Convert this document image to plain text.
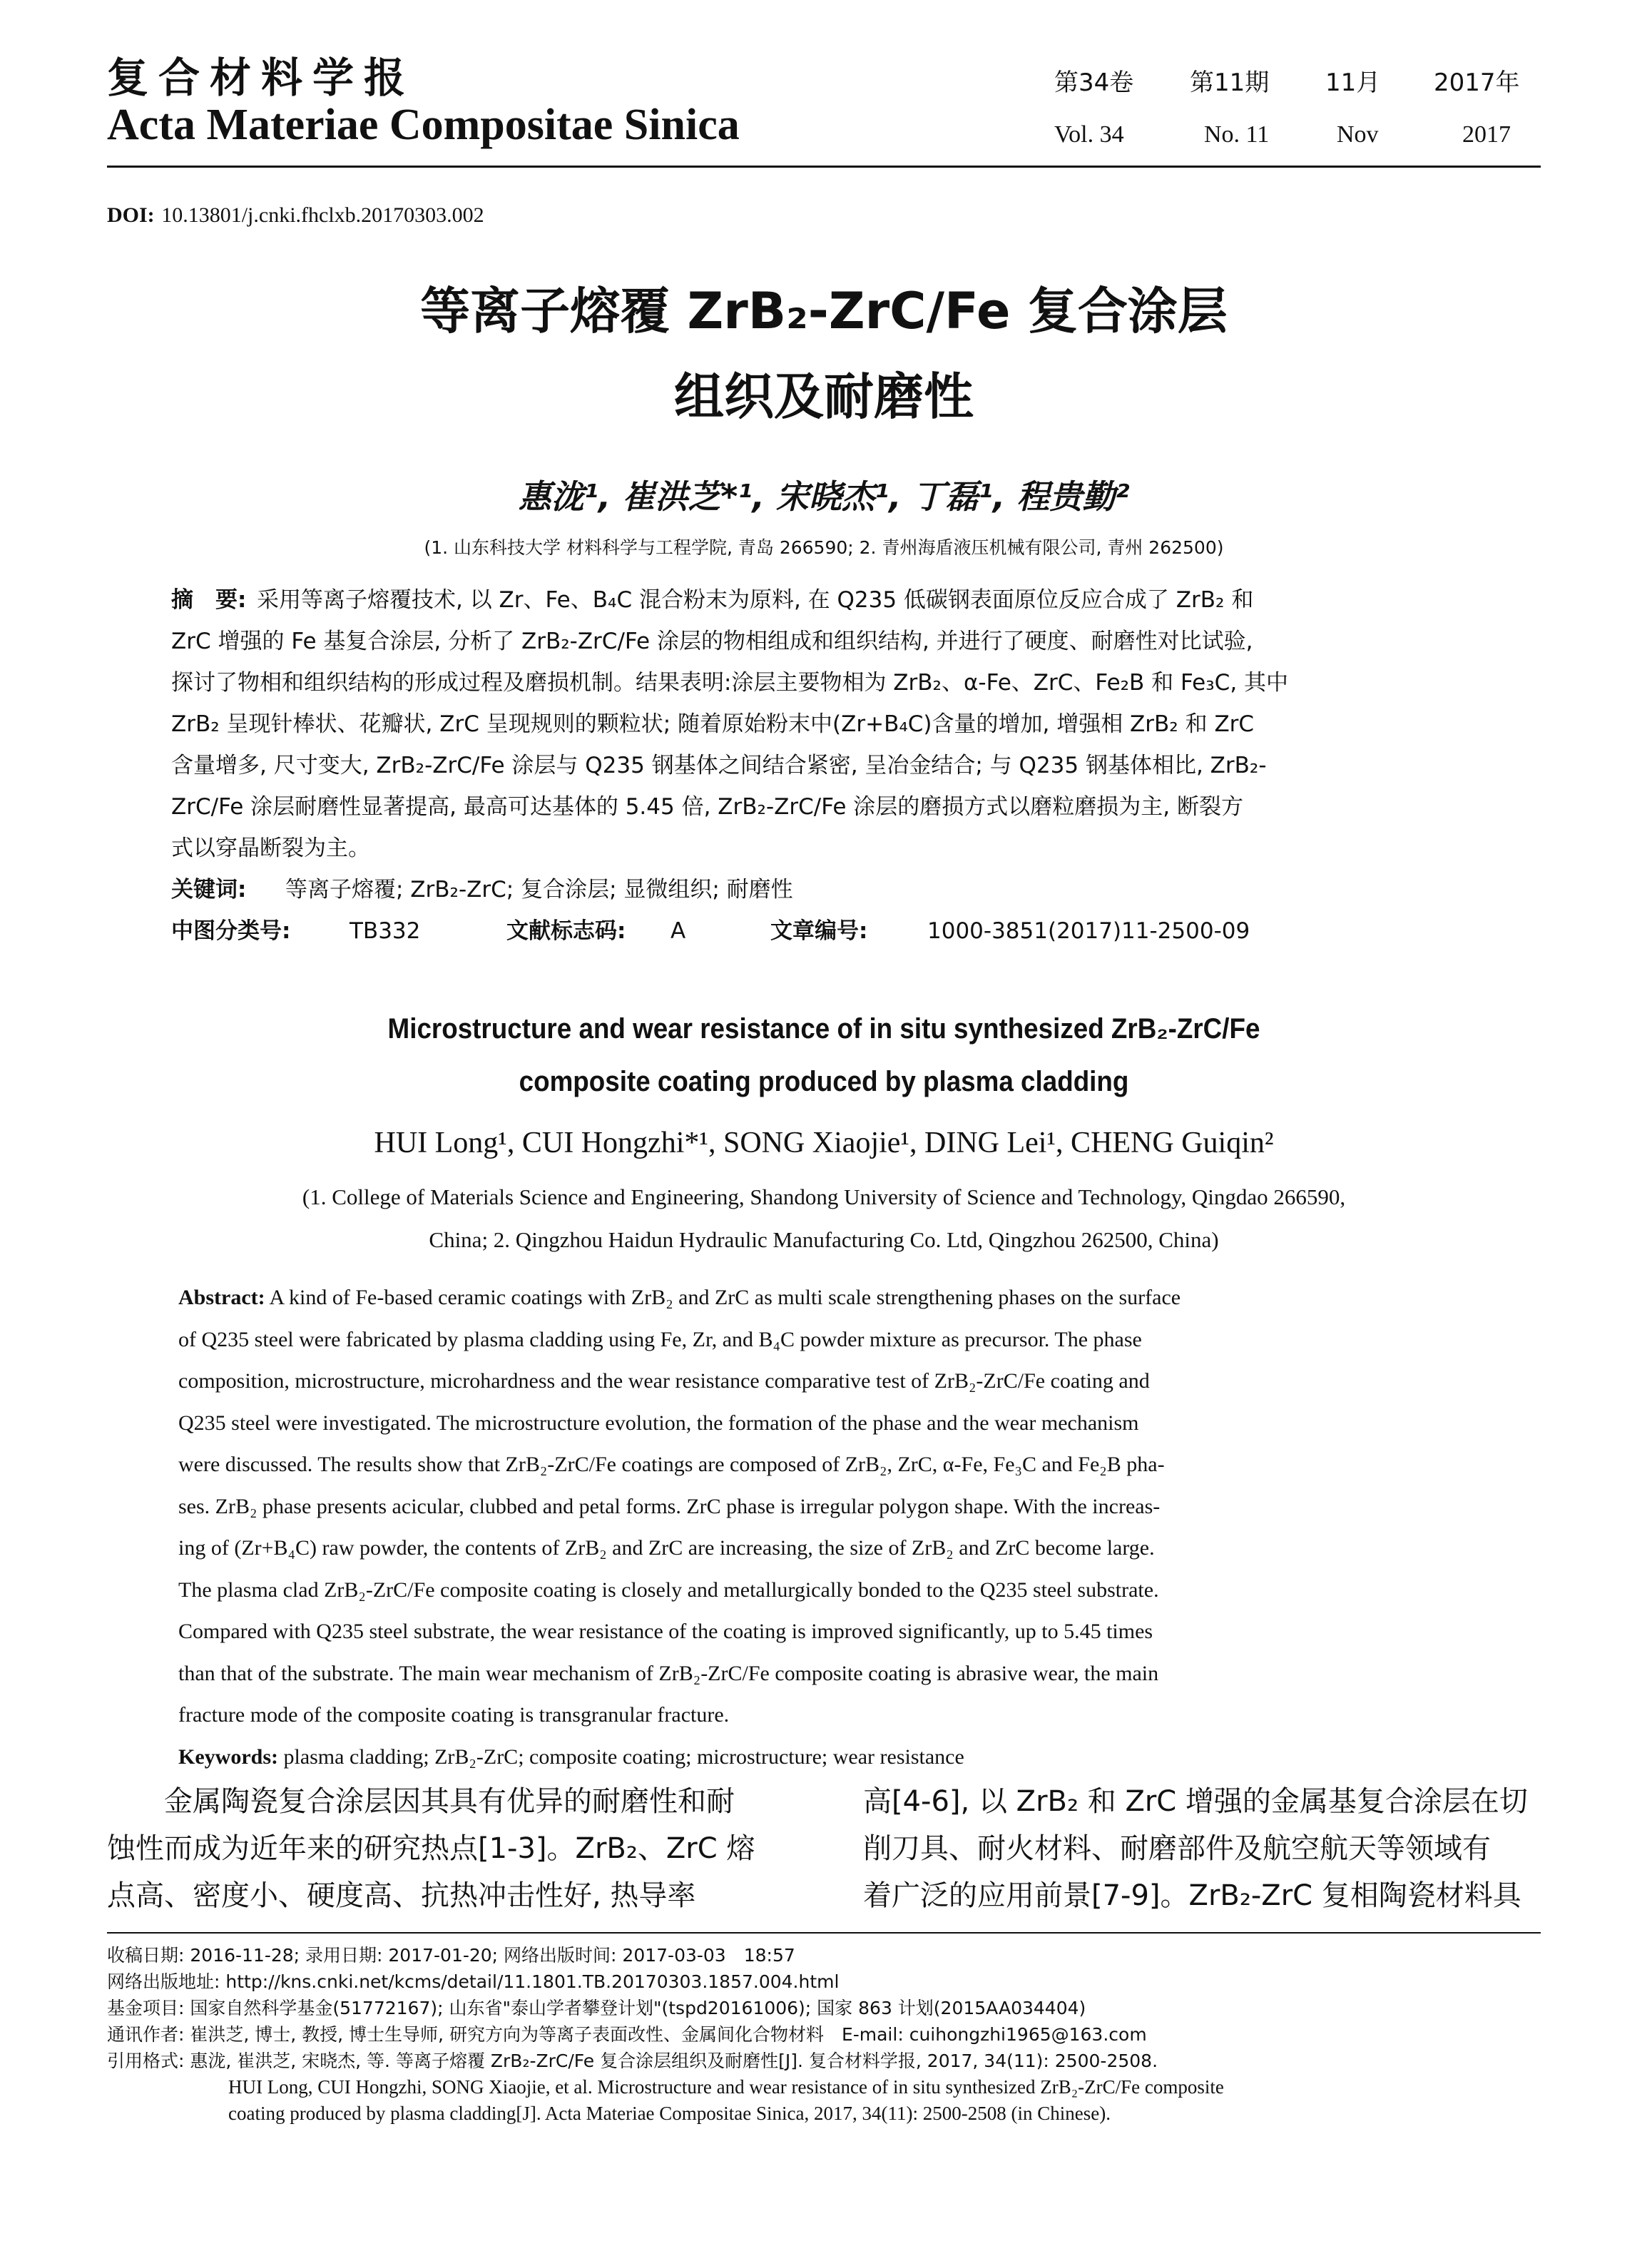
复合材料学报
Acta Materiae Compositae Sinica
第34卷 第11期 11月 2017年
Vol. 34	No. 11	Nov	2017
DOI: 10.13801/j.cnki.fhclxb.20170303.002
等离子熔覆 ZrB₂-ZrC/Fe 复合涂层
组织及耐磨性
惠泷¹, 崔洪芝*¹, 宋晓杰¹, 丁磊¹, 程贵勤²
(1. 山东科技大学 材料科学与工程学院, 青岛 266590; 2. 青州海盾液压机械有限公司, 青州 262500)
摘　要: 采用等离子熔覆技术, 以 Zr、Fe、B₄C 混合粉末为原料, 在 Q235 低碳钢表面原位反应合成了 ZrB₂ 和
ZrC 增强的 Fe 基复合涂层, 分析了 ZrB₂-ZrC/Fe 涂层的物相组成和组织结构, 并进行了硬度、耐磨性对比试验,
探讨了物相和组织结构的形成过程及磨损机制。结果表明:涂层主要物相为 ZrB₂、α-Fe、ZrC、Fe₂B 和 Fe₃C, 其中
ZrB₂ 呈现针棒状、花瓣状, ZrC 呈现规则的颗粒状; 随着原始粉末中(Zr+B₄C)含量的增加, 增强相 ZrB₂ 和 ZrC
含量增多, 尺寸变大, ZrB₂-ZrC/Fe 涂层与 Q235 钢基体之间结合紧密, 呈冶金结合; 与 Q235 钢基体相比, ZrB₂-
ZrC/Fe 涂层耐磨性显著提高, 最高可达基体的 5.45 倍, ZrB₂-ZrC/Fe 涂层的磨损方式以磨粒磨损为主, 断裂方
式以穿晶断裂为主。
关键词:	等离子熔覆; ZrB₂-ZrC; 复合涂层; 显微组织; 耐磨性
中图分类号:	TB332	文献标志码: A	文章编号:	1000-3851(2017)11-2500-09
Microstructure and wear resistance of in situ synthesized ZrB₂-ZrC/Fe
composite coating produced by plasma cladding
HUI Long¹, CUI Hongzhi*¹, SONG Xiaojie¹, DING Lei¹, CHENG Guiqin²
(1. College of Materials Science and Engineering, Shandong University of Science and Technology, Qingdao 266590,
China; 2. Qingzhou Haidun Hydraulic Manufacturing Co. Ltd, Qingzhou 262500, China)
Abstract: A kind of Fe-based ceramic coatings with ZrB₂ and ZrC as multi scale strengthening phases on the surface
of Q235 steel were fabricated by plasma cladding using Fe, Zr, and B₄C powder mixture as precursor. The phase
composition, microstructure, microhardness and the wear resistance comparative test of ZrB₂-ZrC/Fe coating and
Q235 steel were investigated. The microstructure evolution, the formation of the phase and the wear mechanism
were discussed. The results show that ZrB₂-ZrC/Fe coatings are composed of ZrB₂, ZrC, α-Fe, Fe₃C and Fe₂B pha-
ses. ZrB₂ phase presents acicular, clubbed and petal forms. ZrC phase is irregular polygon shape. With the increas-
ing of (Zr+B₄C) raw powder, the contents of ZrB₂ and ZrC are increasing, the size of ZrB₂ and ZrC become large.
The plasma clad ZrB₂-ZrC/Fe composite coating is closely and metallurgically bonded to the Q235 steel substrate.
Compared with Q235 steel substrate, the wear resistance of the coating is improved significantly, up to 5.45 times
than that of the substrate. The main wear mechanism of ZrB₂-ZrC/Fe composite coating is abrasive wear, the main
fracture mode of the composite coating is transgranular fracture.
Keywords: plasma cladding; ZrB₂-ZrC; composite coating; microstructure; wear resistance
金属陶瓷复合涂层因其具有优异的耐磨性和耐
蚀性而成为近年来的研究热点[1-3]。ZrB₂、ZrC 熔
点高、密度小、硬度高、抗热冲击性好, 热导率
高[4-6], 以 ZrB₂ 和 ZrC 增强的金属基复合涂层在切
削刀具、耐火材料、耐磨部件及航空航天等领域有
着广泛的应用前景[7-9]。ZrB₂-ZrC 复相陶瓷材料具
收稿日期: 2016-11-28; 录用日期: 2017-01-20; 网络出版时间: 2017-03-03　18:57
网络出版地址: http://kns.cnki.net/kcms/detail/11.1801.TB.20170303.1857.004.html
基金项目: 国家自然科学基金(51772167); 山东省"泰山学者攀登计划"(tspd20161006); 国家 863 计划(2015AA034404)
通讯作者: 崔洪芝, 博士, 教授, 博士生导师, 研究方向为等离子表面改性、金属间化合物材料　E-mail: cuihongzhi1965@163.com
引用格式: 惠泷, 崔洪芝, 宋晓杰, 等. 等离子熔覆 ZrB₂-ZrC/Fe 复合涂层组织及耐磨性[J]. 复合材料学报, 2017, 34(11): 2500-2508.
HUI Long, CUI Hongzhi, SONG Xiaojie, et al. Microstructure and wear resistance of in situ synthesized ZrB₂-ZrC/Fe composite
coating produced by plasma cladding[J]. Acta Materiae Compositae Sinica, 2017, 34(11): 2500-2508 (in Chinese).
